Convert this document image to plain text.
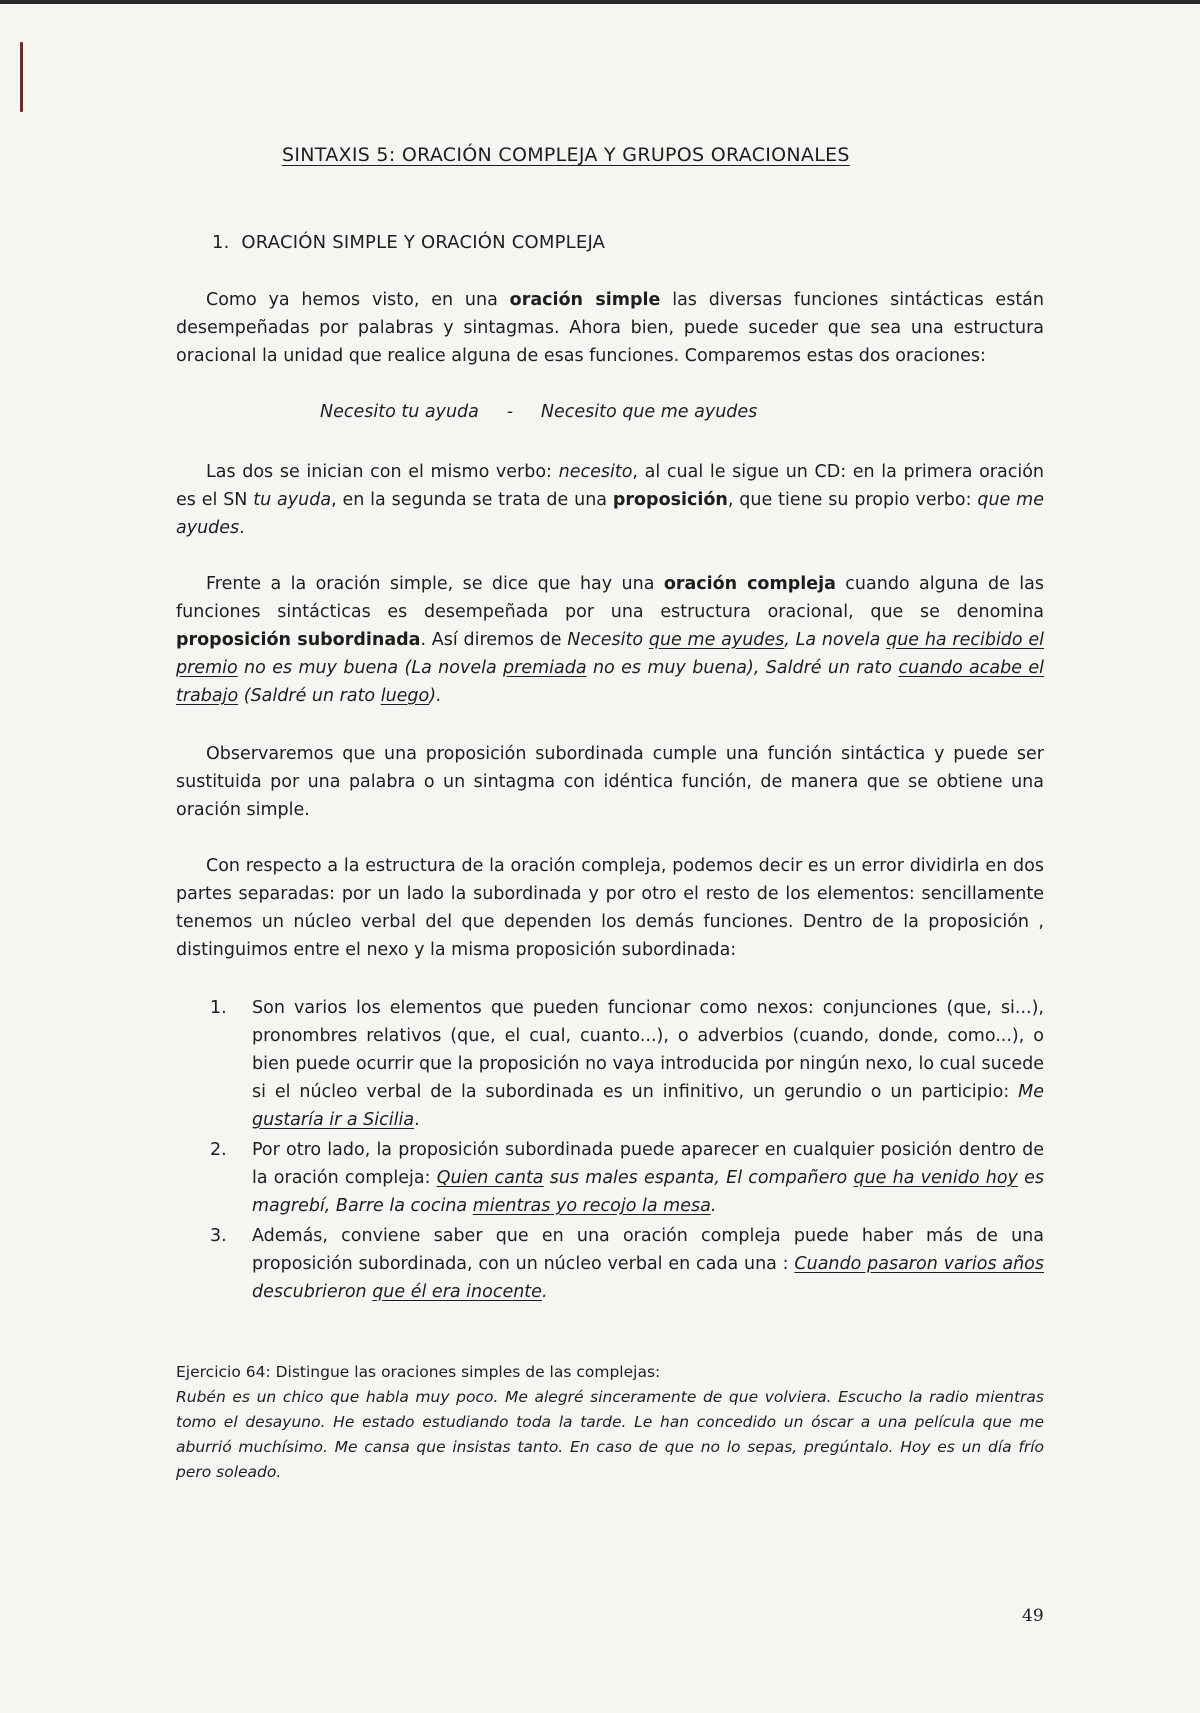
SINTAXIS 5: ORACIÓN COMPLEJA Y GRUPOS ORACIONALES
1. ORACIÓN SIMPLE Y ORACIÓN COMPLEJA
Como ya hemos visto, en una oración simple las diversas funciones sintácticas están desempeñadas por palabras y sintagmas. Ahora bien, puede suceder que sea una estructura oracional la unidad que realice alguna de esas funciones. Comparemos estas dos oraciones:
Necesito tu ayuda - Necesito que me ayudes
Las dos se inician con el mismo verbo: necesito, al cual le sigue un CD: en la primera oración es el SN tu ayuda, en la segunda se trata de una proposición, que tiene su propio verbo: que me ayudes.
Frente a la oración simple, se dice que hay una oración compleja cuando alguna de las funciones sintácticas es desempeñada por una estructura oracional, que se denomina proposición subordinada. Así diremos de Necesito que me ayudes, La novela que ha recibido el premio no es muy buena (La novela premiada no es muy buena), Saldré un rato cuando acabe el trabajo (Saldré un rato luego).
Observaremos que una proposición subordinada cumple una función sintáctica y puede ser sustituida por una palabra o un sintagma con idéntica función, de manera que se obtiene una oración simple.
Con respecto a la estructura de la oración compleja, podemos decir es un error dividirla en dos partes separadas: por un lado la subordinada y por otro el resto de los elementos: sencillamente tenemos un núcleo verbal del que dependen los demás funciones. Dentro de la proposición , distinguimos entre el nexo y la misma proposición subordinada:
1.	Son varios los elementos que pueden funcionar como nexos: conjunciones (que, si...), pronombres relativos (que, el cual, cuanto...), o adverbios (cuando, donde, como...), o bien puede ocurrir que la proposición no vaya introducida por ningún nexo, lo cual sucede si el núcleo verbal de la subordinada es un infinitivo, un gerundio o un participio: Me gustaría ir a Sicilia.
2.	Por otro lado, la proposición subordinada puede aparecer en cualquier posición dentro de la oración compleja: Quien canta sus males espanta, El compañero que ha venido hoy es magrebí, Barre la cocina mientras yo recojo la mesa.
3.	Además, conviene saber que en una oración compleja puede haber más de una proposición subordinada, con un núcleo verbal en cada una : Cuando pasaron varios años descubrieron que él era inocente.
Ejercicio 64: Distingue las oraciones simples de las complejas:
Rubén es un chico que habla muy poco. Me alegré sinceramente de que volviera. Escucho la radio mientras tomo el desayuno. He estado estudiando toda la tarde. Le han concedido un óscar a una película que me aburrió muchísimo. Me cansa que insistas tanto. En caso de que no lo sepas, pregúntalo. Hoy es un día frío pero soleado.
49
